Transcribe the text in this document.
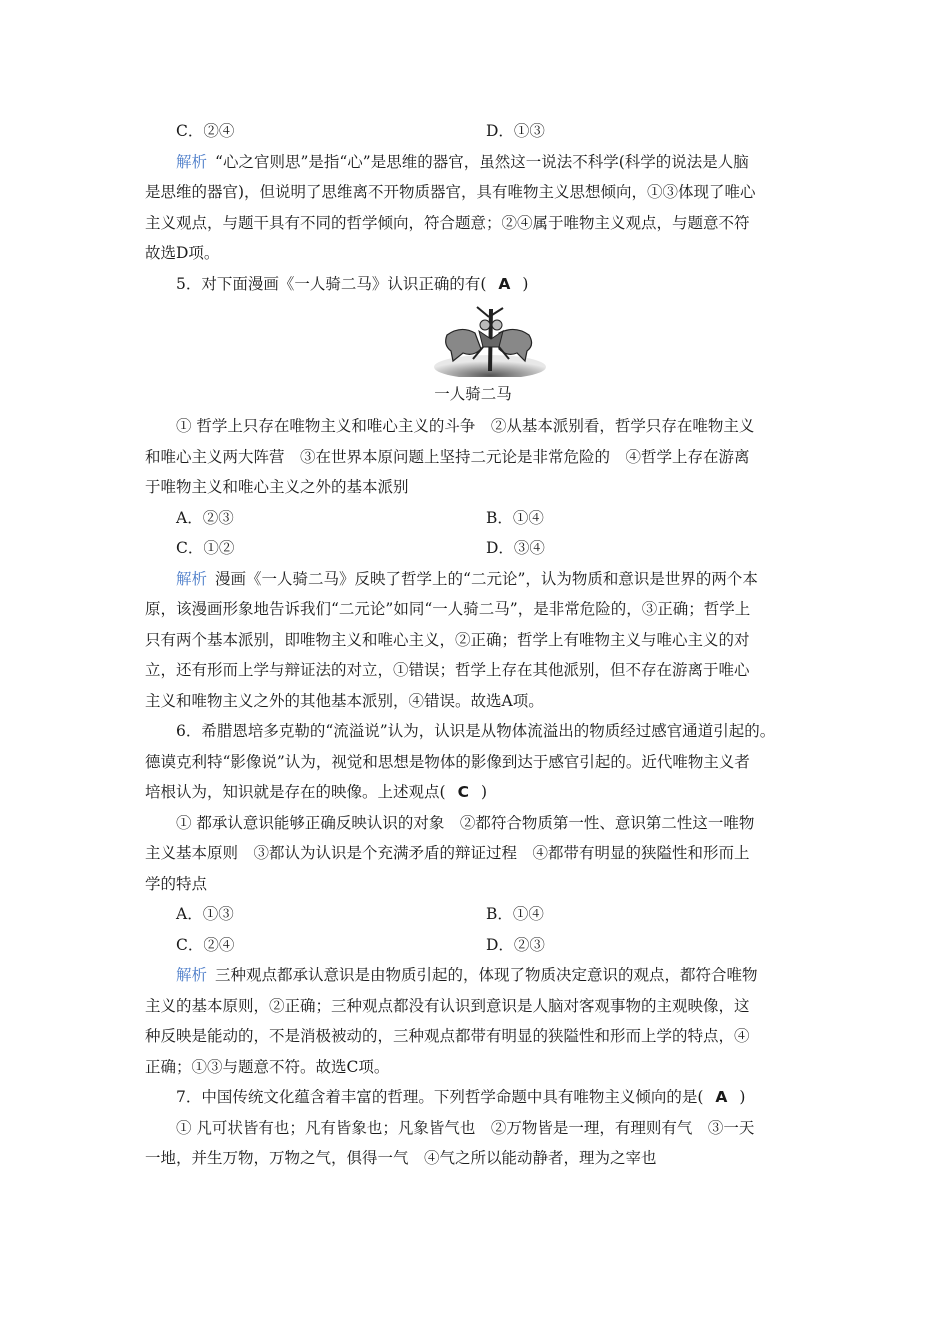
C．②④	D．①③
解析 “心之官则思”是指“心”是思维的器官，虽然这一说法不科学(科学的说法是人脑
是思维的器官)，但说明了思维离不开物质器官，具有唯物主义思想倾向，①③体现了唯心
主义观点，与题干具有不同的哲学倾向，符合题意；②④属于唯物主义观点，与题意不符
故选D项。
5．对下面漫画《一人骑二马》认识正确的有( A )
一人骑二马
① 哲学上只存在唯物主义和唯心主义的斗争　②从基本派别看，哲学只存在唯物主义
和唯心主义两大阵营　③在世界本原问题上坚持二元论是非常危险的　④哲学上存在游离
于唯物主义和唯心主义之外的基本派别
A．②③	B．①④
C．①②	D．③④
解析 漫画《一人骑二马》反映了哲学上的“二元论”，认为物质和意识是世界的两个本
原，该漫画形象地告诉我们“二元论”如同“一人骑二马”，是非常危险的，③正确；哲学上
只有两个基本派别，即唯物主义和唯心主义，②正确；哲学上有唯物主义与唯心主义的对
立，还有形而上学与辩证法的对立，①错误；哲学上存在其他派别，但不存在游离于唯心
主义和唯物主义之外的其他基本派别，④错误。故选A项。
6．希腊恩培多克勒的“流溢说”认为，认识是从物体流溢出的物质经过感官通道引起的。
德谟克利特“影像说”认为，视觉和思想是物体的影像到达于感官引起的。近代唯物主义者
培根认为，知识就是存在的映像。上述观点( C )
① 都承认意识能够正确反映认识的对象　②都符合物质第一性、意识第二性这一唯物
主义基本原则　③都认为认识是个充满矛盾的辩证过程　④都带有明显的狭隘性和形而上
学的特点
A．①③	B．①④
C．②④	D．②③
解析 三种观点都承认意识是由物质引起的，体现了物质决定意识的观点，都符合唯物
主义的基本原则，②正确；三种观点都没有认识到意识是人脑对客观事物的主观映像，这
种反映是能动的，不是消极被动的，三种观点都带有明显的狭隘性和形而上学的特点，④
正确；①③与题意不符。故选C项。
7．中国传统文化蕴含着丰富的哲理。下列哲学命题中具有唯物主义倾向的是( A )
① 凡可状皆有也；凡有皆象也；凡象皆气也　②万物皆是一理，有理则有气　③一天
一地，并生万物，万物之气，俱得一气　④气之所以能动静者，理为之宰也
